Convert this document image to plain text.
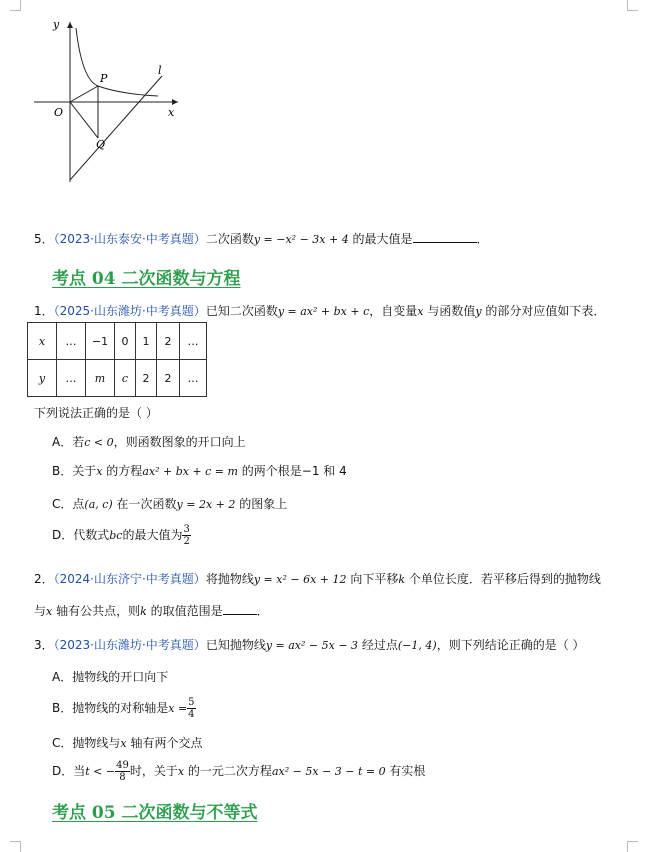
y
x
O
P
Q
l
5．（2023·山东泰安·中考真题）二次函数y = −x² − 3x + 4 的最大值是	．
考点 04 二次函数与方程
1．（2025·山东潍坊·中考真题）已知二次函数y = ax² + bx + c，自变量x 与函数值y 的部分对应值如下表．
x	…	−1	0	1	2	…
y	…	m	c	2	2	…
下列说法正确的是（ ）
A．若c < 0，则函数图象的开口向上
B．关于x 的方程ax² + bx + c = m 的两个根是−1 和 4
C．点(a, c) 在一次函数y = 2x + 2 的图象上
D．代数式bc的最大值为 $\frac{3}{2}$
2．（2024·山东济宁·中考真题）将抛物线y = x² − 6x + 12 向下平移k 个单位长度．若平移后得到的抛物线
与x 轴有公共点，则k 的取值范围是	．
3．（2023·山东潍坊·中考真题）已知抛物线y = ax² − 5x − 3 经过点(−1, 4)，则下列结论正确的是（ ）
A．抛物线的开口向下
B．抛物线的对称轴是$x = \frac{5}{4}$
C．抛物线与x 轴有两个交点
D．当t < − $\frac{49}{8}$ 时，关于x 的一元二次方程ax² − 5x − 3 − t = 0 有实根
考点 05 二次函数与不等式
